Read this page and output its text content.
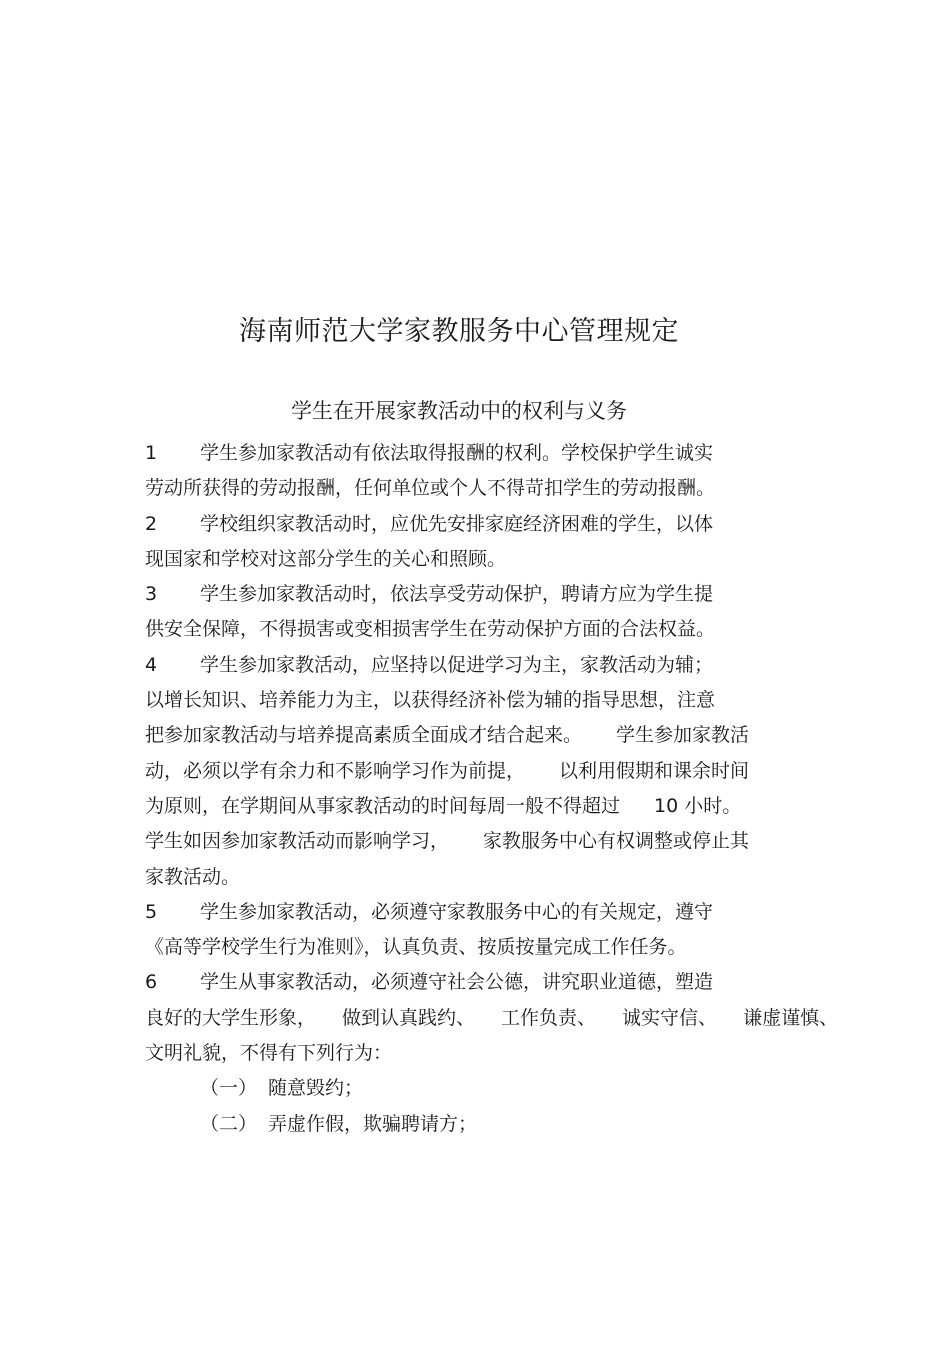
海南师范大学家教服务中心管理规定
学生在开展家教活动中的权利与义务
1 学生参加家教活动有依法取得报酬的权利。学校保护学生诚实
劳动所获得的劳动报酬，任何单位或个人不得苛扣学生的劳动报酬。
2 学校组织家教活动时，应优先安排家庭经济困难的学生，以体
现国家和学校对这部分学生的关心和照顾。
3 学生参加家教活动时，依法享受劳动保护，聘请方应为学生提
供安全保障，不得损害或变相损害学生在劳动保护方面的合法权益。
4 学生参加家教活动，应坚持以促进学习为主，家教活动为辅；
以增长知识、培养能力为主，以获得经济补偿为辅的指导思想，注意
把参加家教活动与培养提高素质全面成才结合起来。 学生参加家教活
动，必须以学有余力和不影响学习作为前提， 以利用假期和课余时间
为原则，在学期间从事家教活动的时间每周一般不得超过 10 小时。
学生如因参加家教活动而影响学习， 家教服务中心有权调整或停止其
家教活动。
5 学生参加家教活动，必须遵守家教服务中心的有关规定，遵守
《高等学校学生行为准则》，认真负责、按质按量完成工作任务。
6 学生从事家教活动，必须遵守社会公德，讲究职业道德，塑造
良好的大学生形象， 做到认真践约、 工作负责、 诚实守信、 谦虚谨慎、
文明礼貌，不得有下列行为：
（一） 随意毁约；
（二） 弄虚作假，欺骗聘请方；
